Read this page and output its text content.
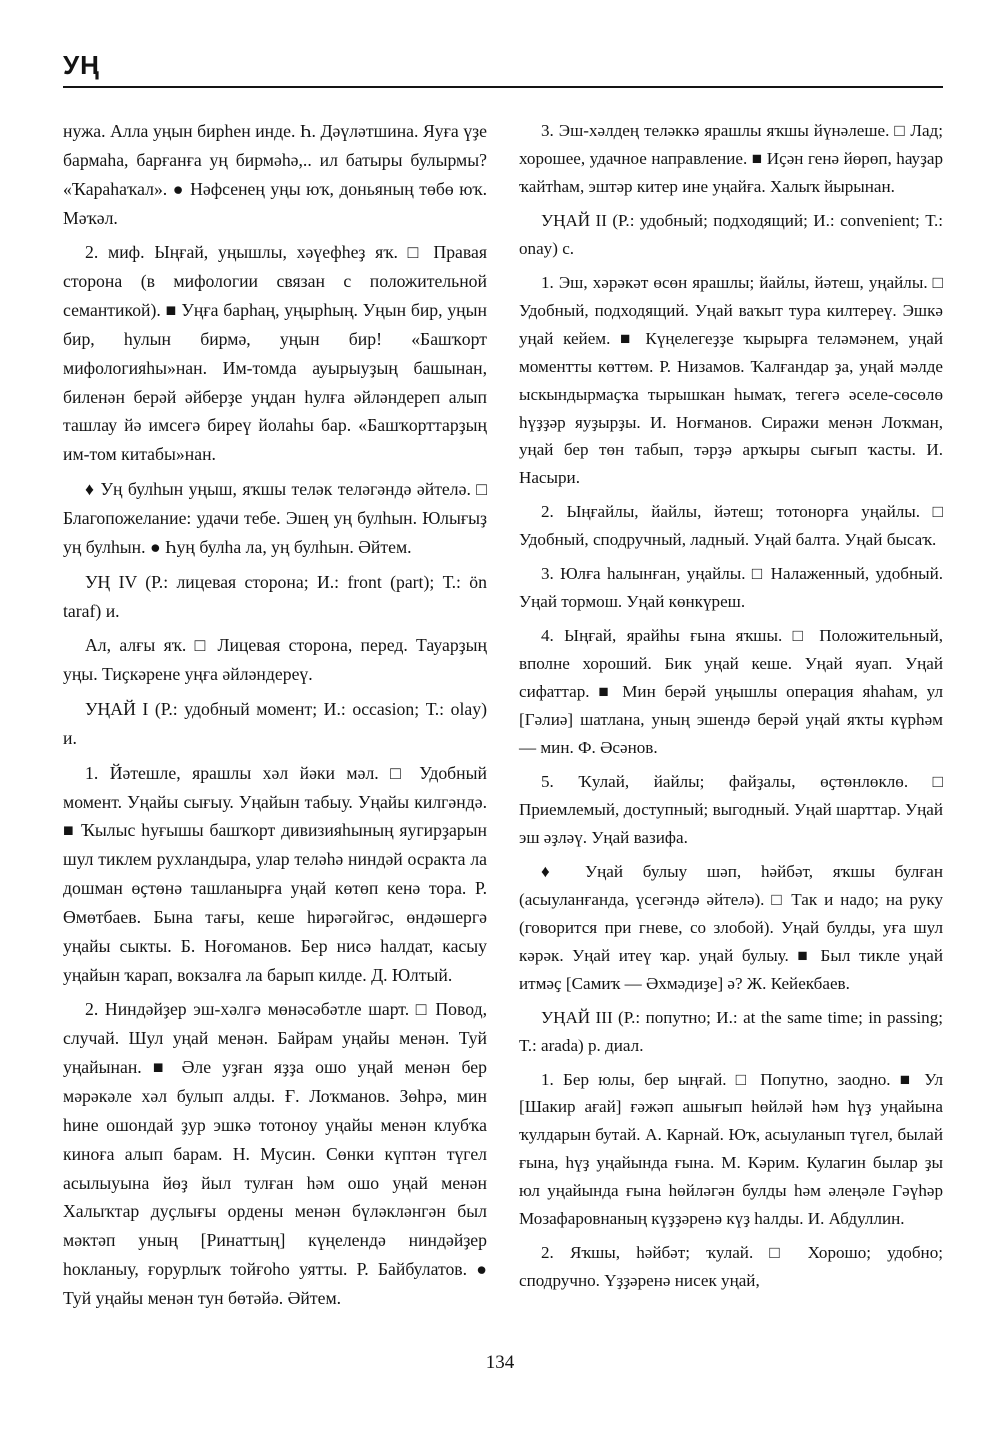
УҢ

нужа. Алла уңын бирһен инде. Һ. Дәүләтшина. Яуға үҙе бармаһа, барғанға уң бирмәһә,.. ил батыры булырмы? «Ҡараһаҡал». ● Нәфсенең уңы юҡ, доньяның төбө юҡ. Мәҡәл.

2. миф. Ыңғай, уңышлы, хәүефһеҙ яҡ. □ Правая сторона (в мифологии связан с положительной семантикой). ■ Уңға барһаң, уңырһың. Уңын бир, уңын бир, һулын бирмә, уңын бир! «Башҡорт мифологияһы»нан. Им-томда ауырыуҙың башынан, биленән берәй әйберҙе уңдан һулға әйләндереп алып ташлау йә имсегә биреү йолаһы бар. «Башҡорттарҙың им-том китабы»нан.

♦ Уң булһын уңыш, яҡшы теләк теләгәндә әйтелә. □ Благопожелание: удачи тебе. Эшең уң булһын. Юлығыҙ уң булһын. ● Һуң булһа ла, уң булһын. Әйтем.

УҢ IV (Р.: лицевая сторона; И.: front (part); Т.: ön taraf) и.

Ал, алғы яҡ. □ Лицевая сторона, перед. Тауарҙың уңы. Тиҫкәрене уңға әйләндереү.

УҢАЙ I (Р.: удобный момент; И.: occasion; Т.: olay) и.

1. Йәтешле, ярашлы хәл йәки мәл. □ Удобный момент. Уңайы сығыу. Уңайын табыу. Уңайы килгәндә. ■ Ҡылыс һуғышы башҡорт дивизияһының яугирҙарын шул тиклем рухландыра, улар теләһә ниндәй осракта ла дошман өҫтөнә ташланырға уңай көтөп кенә тора. Р. Өмөтбаев. Бына тағы, кеше һирәгәйгәс, өндәшергә уңайы сыкты. Б. Ноғоманов. Бер нисә һалдат, касыу уңайын ҡарап, вокзалға ла барып килде. Д. Юлтый.

2. Ниндәйҙер эш-хәлгә мөнәсәбәтле шарт. □ Повод, случай. Шул уңай менән. Байрам уңайы менән. Туй уңайынан. ■ Әле уҙған яҙҙа ошо уңай менән бер мәрәкәле хәл булып алды. Ғ. Лоҡманов. Зөһрә, мин һине ошондай ҙур эшкә тотоноу уңайы менән клубҡа киноға алып барам. Н. Мусин. Сөнки күптән түгел асылыуына йөҙ йыл тулған һәм ошо уңай менән Халыҡтар дуҫлығы ордены менән бүләкләнгән был мәктәп уның [Ринаттың] күңелендә ниндәйҙер һокланыу, ғорурлыҡ тойғоһо уятты. Р. Байбулатов. ● Туй уңайы менән тун бөтәйә. Әйтем.

3. Эш-хәлдең теләккә ярашлы яҡшы йүнәлеше. □ Лад; хорошее, удачное направление. ■ Иҫән генә йөрөп, һауҙар ҡайтһам, эштәр китер ине уңайға. Халыҡ йырынан.

УҢАЙ II (Р.: удобный; подходящий; И.: convenient; Т.: onay) с.

1. Эш, хәрәкәт өсөн ярашлы; йайлы, йәтеш, уңайлы. □ Удобный, подходящий. Уңай ваҡыт тура килтереү. Эшкә уңай кейем. ■ Күңелегеҙҙе ҡырырға теләмәнем, уңай моментты көттөм. Р. Низамов. Ҡалғандар ҙа, уңай мәлде ыскындырмаҫҡа тырышкан һымаҡ, тегегә әселе-сөсөлө һүҙҙәр яуҙырҙы. И. Ноғманов. Сиражи менән Лоҡман, уңай бер төн табып, тәрҙә арҡыры сығып ҡасты. И. Насыри.

2. Ыңғайлы, йайлы, йәтеш; тотонорға уңайлы. □ Удобный, сподручный, ладный. Уңай балта. Уңай бысаҡ.

3. Юлға һалынған, уңайлы. □ Налаженный, удобный. Уңай тормош. Уңай көнкүреш.

4. Ыңғай, ярайһы ғына яҡшы. □ Положительный, вполне хороший. Бик уңай кеше. Уңай яуап. Уңай сифаттар. ■ Мин берәй уңышлы операция яһаһам, ул [Гәлиә] шатлана, уның эшендә берәй уңай яҡты күрһәм — мин. Ф. Әсәнов.

5. Ҡулай, йайлы; файҙалы, өҫтөнлөклө. □ Приемлемый, доступный; выгодный. Уңай шарттар. Уңай эш әҙләү. Уңай вазифа.

♦ Уңай булыу шәп, һәйбәт, яҡшы булған (асыуланғанда, үсегәндә әйтелә). □ Так и надо; на руку (говорится при гневе, со злобой). Уңай булды, уға шул кәрәк. Уңай итеү ҡар. уңай булыу. ■ Был тикле уңай итмәҫ [Самиҡ — Әхмәдиҙе] ә? Ж. Кейекбаев.

УҢАЙ III (Р.: попутно; И.: at the same time; in passing; Т.: arada) р. диал.

1. Бер юлы, бер ыңғай. □ Попутно, заодно. ■ Ул [Шакир ағай] ғәжәп ашығып һөйләй һәм һүҙ уңайына ҡулдарын бутай. А. Карнай. Юҡ, асыуланып түгел, былай ғына, һүҙ уңайында ғына. М. Кәрим. Кулагин былар ҙы юл уңайында ғына һөйләгән булды һәм әлеңәле Гәүһәр Мозафаровнаның күҙҙәренә күҙ һалды. И. Абдуллин.

2. Яҡшы, һәйбәт; ҡулай. □ Хорошо; удобно; сподручно. Үҙҙәренә нисек уңай,

134
